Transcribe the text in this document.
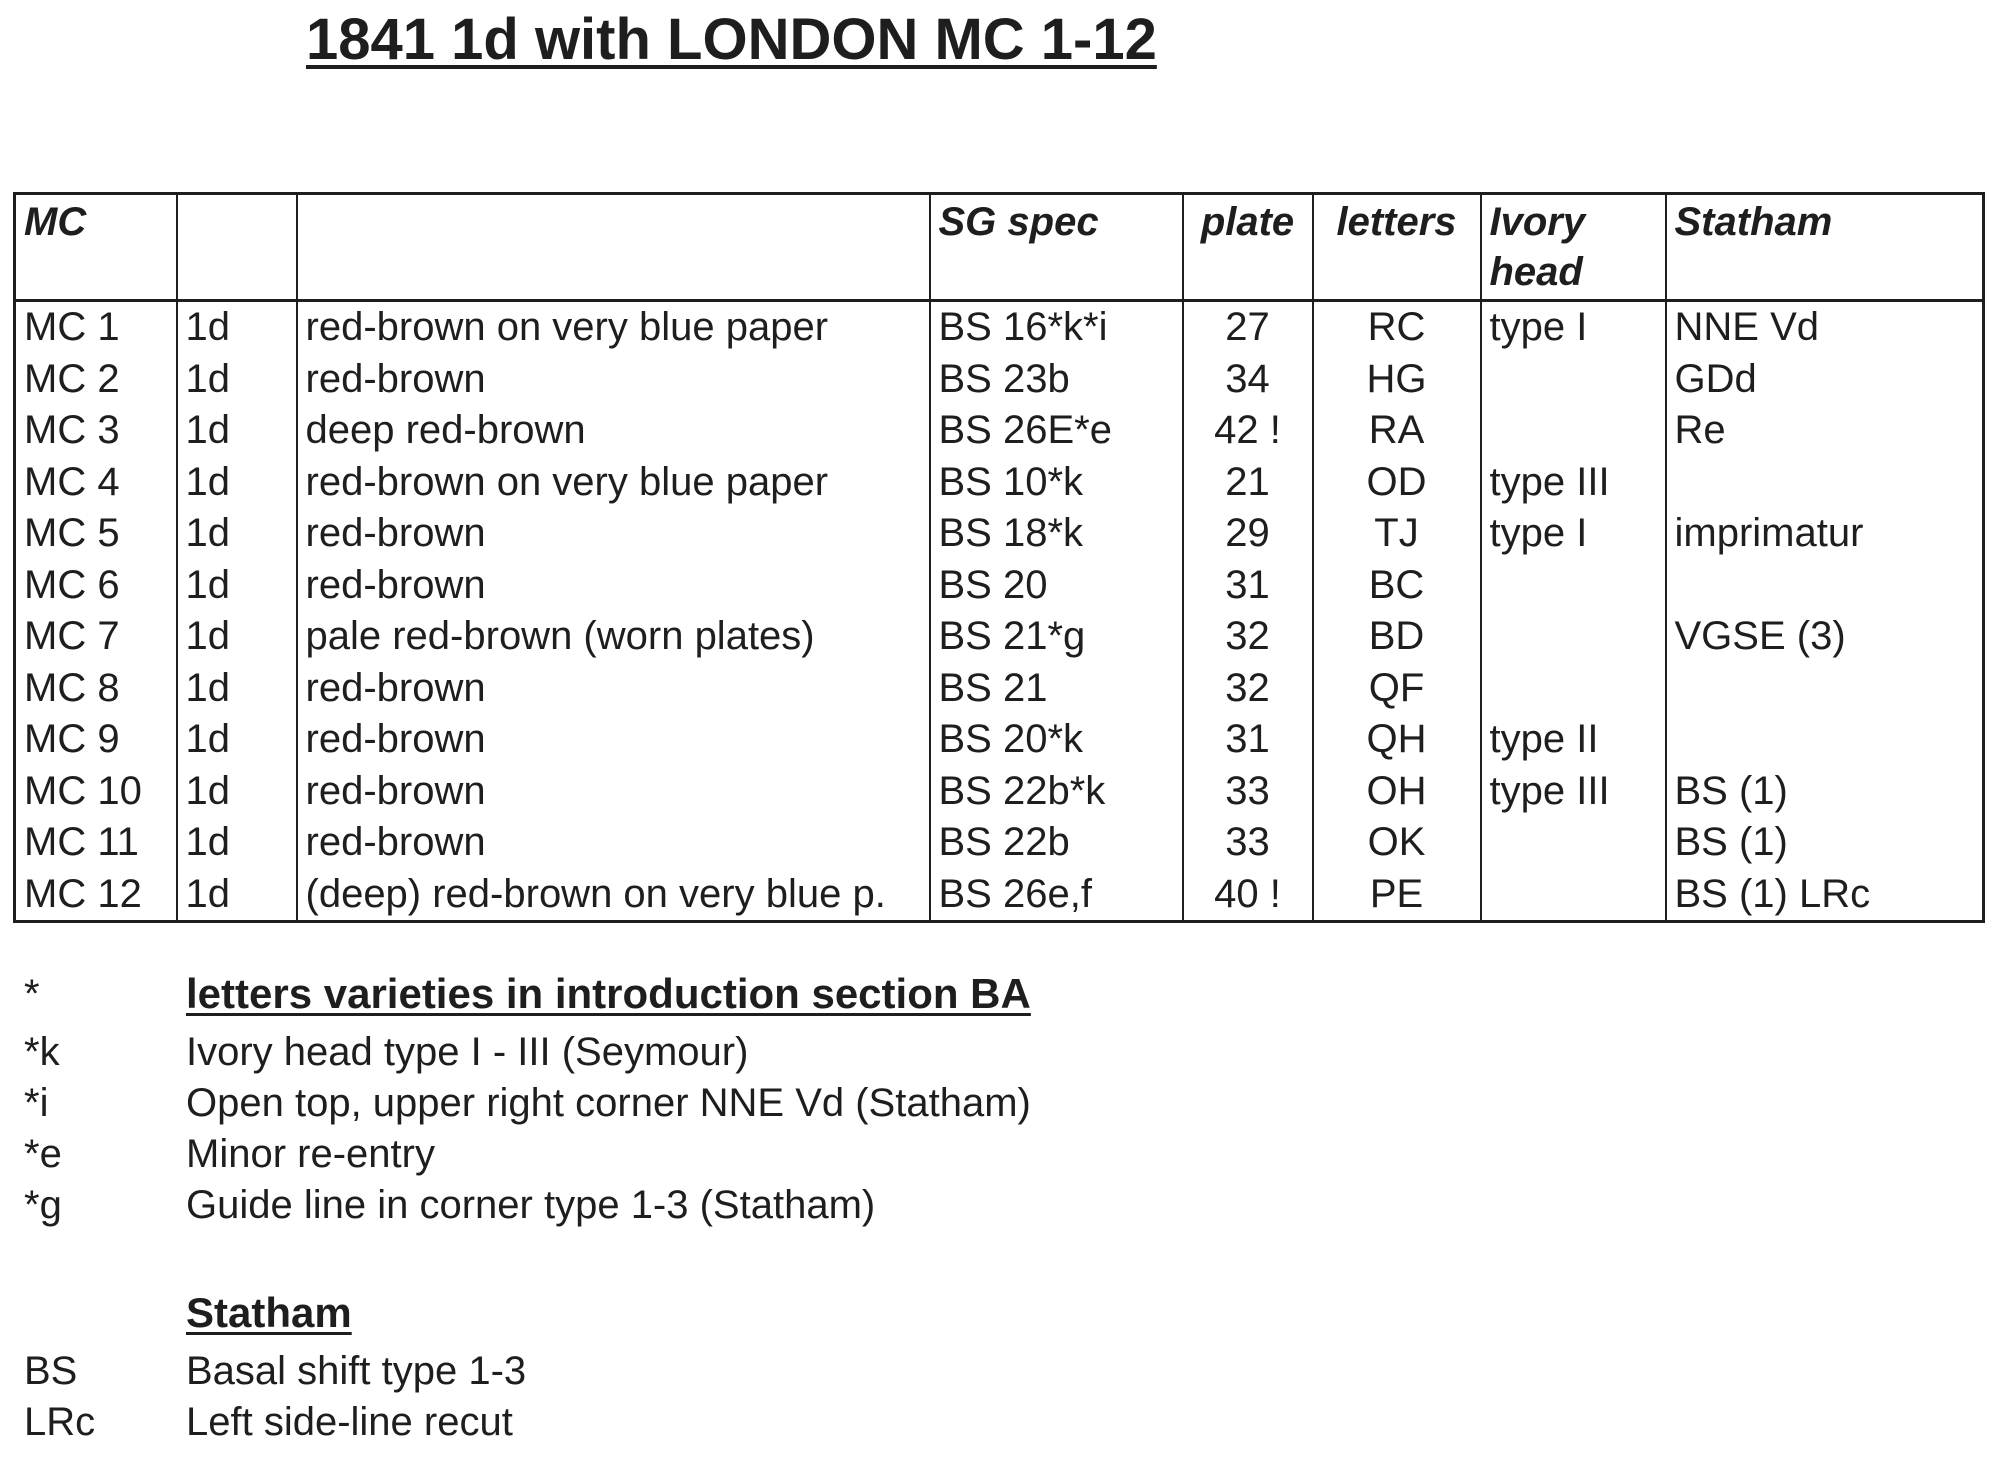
1841 1d with LONDON MC 1-12
MC			SG spec	plate	letters	Ivory head	Statham
MC 1	1d	red-brown on very blue paper	BS 16*k*i	27	RC	type I	NNE Vd
MC 2	1d	red-brown	BS 23b	34	HG		GDd
MC 3	1d	deep red-brown	BS 26E*e	42 !	RA		Re
MC 4	1d	red-brown on very blue paper	BS 10*k	21	OD	type III	
MC 5	1d	red-brown	BS 18*k	29	TJ	type I	imprimatur
MC 6	1d	red-brown	BS 20	31	BC		
MC 7	1d	pale red-brown (worn plates)	BS 21*g	32	BD		VGSE (3)
MC 8	1d	red-brown	BS 21	32	QF		
MC 9	1d	red-brown	BS 20*k	31	QH	type II	
MC 10	1d	red-brown	BS 22b*k	33	OH	type III	BS (1)
MC 11	1d	red-brown	BS 22b	33	OK		BS (1)
MC 12	1d	(deep) red-brown on very blue p.	BS 26e,f	40 !	PE		BS (1) LRc
*	letters varieties in introduction section BA
*k	Ivory head type I - III (Seymour)
*i	Open top, upper right corner NNE Vd (Statham)
*e	Minor re-entry
*g	Guide line in corner type 1-3 (Statham)
Statham
BS	Basal shift type 1-3
LRc Left side-line recut
